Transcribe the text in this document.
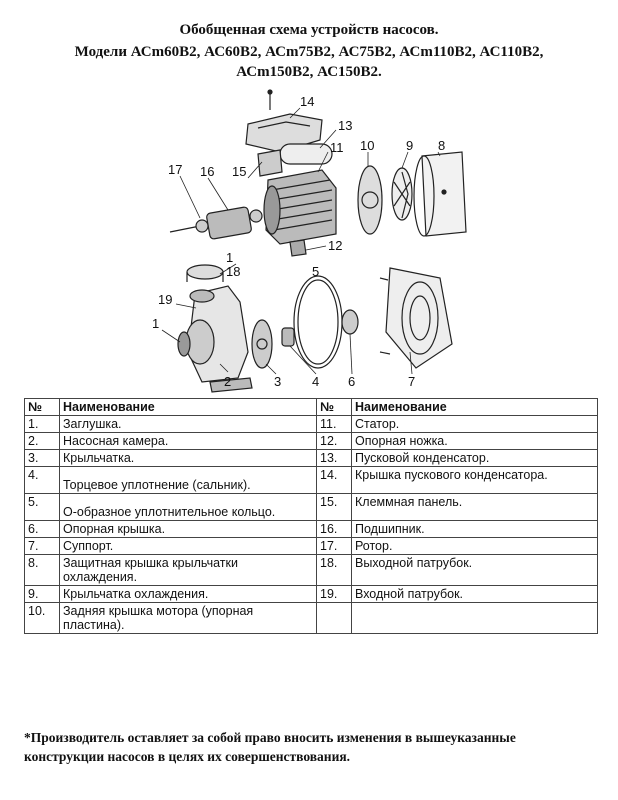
Обобщенная схема устройств насосов.
Модели АСm60B2, АС60B2, АСm75B2, АС75B2, АСm110B2, АС110B2,
АСm150B2, АС150B2.
14
13
11 10 9 8
17 16 15
12
1
18	5
19
1
2	3 4 6	7
№	Наименование	№	Наименование
1.	Заглушка.	11.	Статор.
2.	Насосная камера.	12.	Опорная ножка.
3.	Крыльчатка.	13.	Пусковой конденсатор.
4.	Торцевое уплотнение (сальник).	14.	Крышка пускового конденсатора.
5.	О-образное уплотнительное кольцо.	15.	Клеммная панель.
6.	Опорная крышка.	16.	Подшипник.
7.	Суппорт.	17.	Ротор.
8.	Защитная крышка крыльчатки охлаждения.	18.	Выходной патрубок.
9.	Крыльчатка охлаждения.	19.	Входной патрубок.
10.	Задняя крышка мотора (упорная пластина).		
*Производитель оставляет за собой право вносить изменения в вышеуказанные конструкции насосов в целях их совершенствования.
